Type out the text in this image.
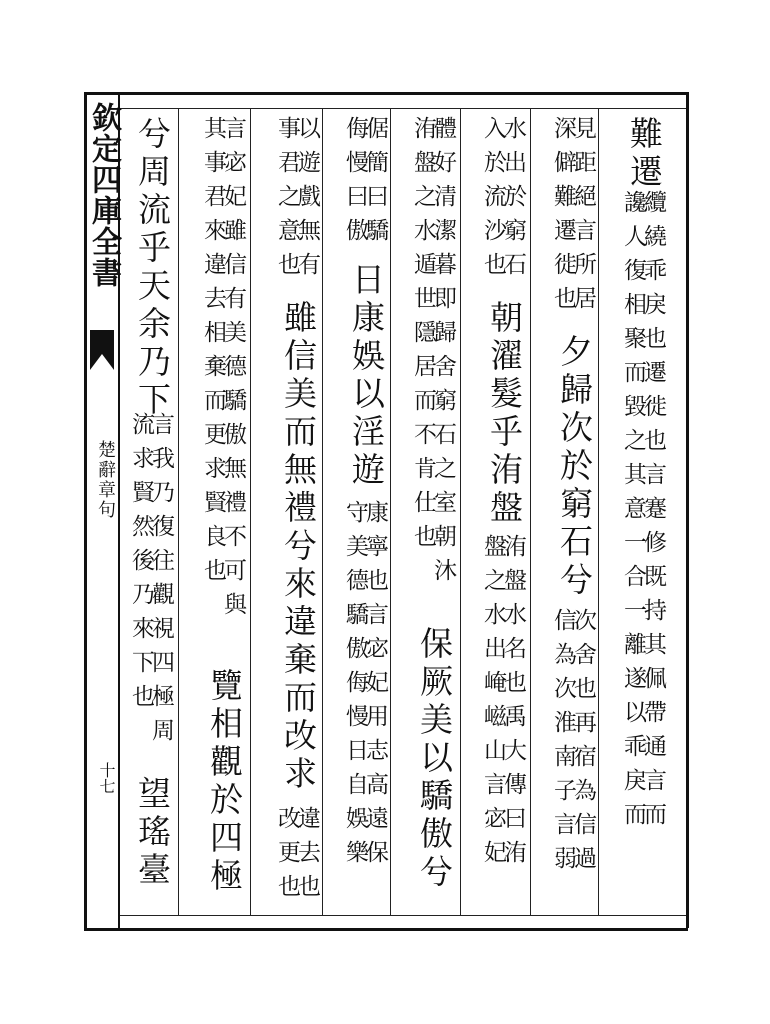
欽定四庫全書
楚辭章句
十七
難遷
纜繞乖戾也遷徙也言蹇修既持其佩帶通言而
讒人復相聚而毀之其意一合一離遂以乖戾而
見距絕言所居
深僻難遷徙也
夕歸次於窮石兮
次舍也再宿為信過
信為次淮南子言弱
水出於窮石
入於流沙也
朝濯髮乎洧盤
洧盤水名也禹大傳曰洧
盤之水出崦嵫山言宓妃
體好清潔暮即歸舍窮石之室朝沐
洧盤之水遁世隱居而不肯仕也
保厥美以驕傲兮
倨簡曰驕
侮慢曰傲
日康娛以淫遊
康寧也言宓妃用志高遠保
守美德驕傲侮慢日自娛樂
以遊戲無有
事君之意也
雖信美而無禮兮來違棄而改求
違去也
改更也
言宓妃雖信有美德驕傲無禮不可與
其事君來違去相棄而更求賢良也
覽相觀於四極
兮周流乎天余乃下
言我乃復往觀視四極周
流求賢然後乃來下也
望瑤臺
